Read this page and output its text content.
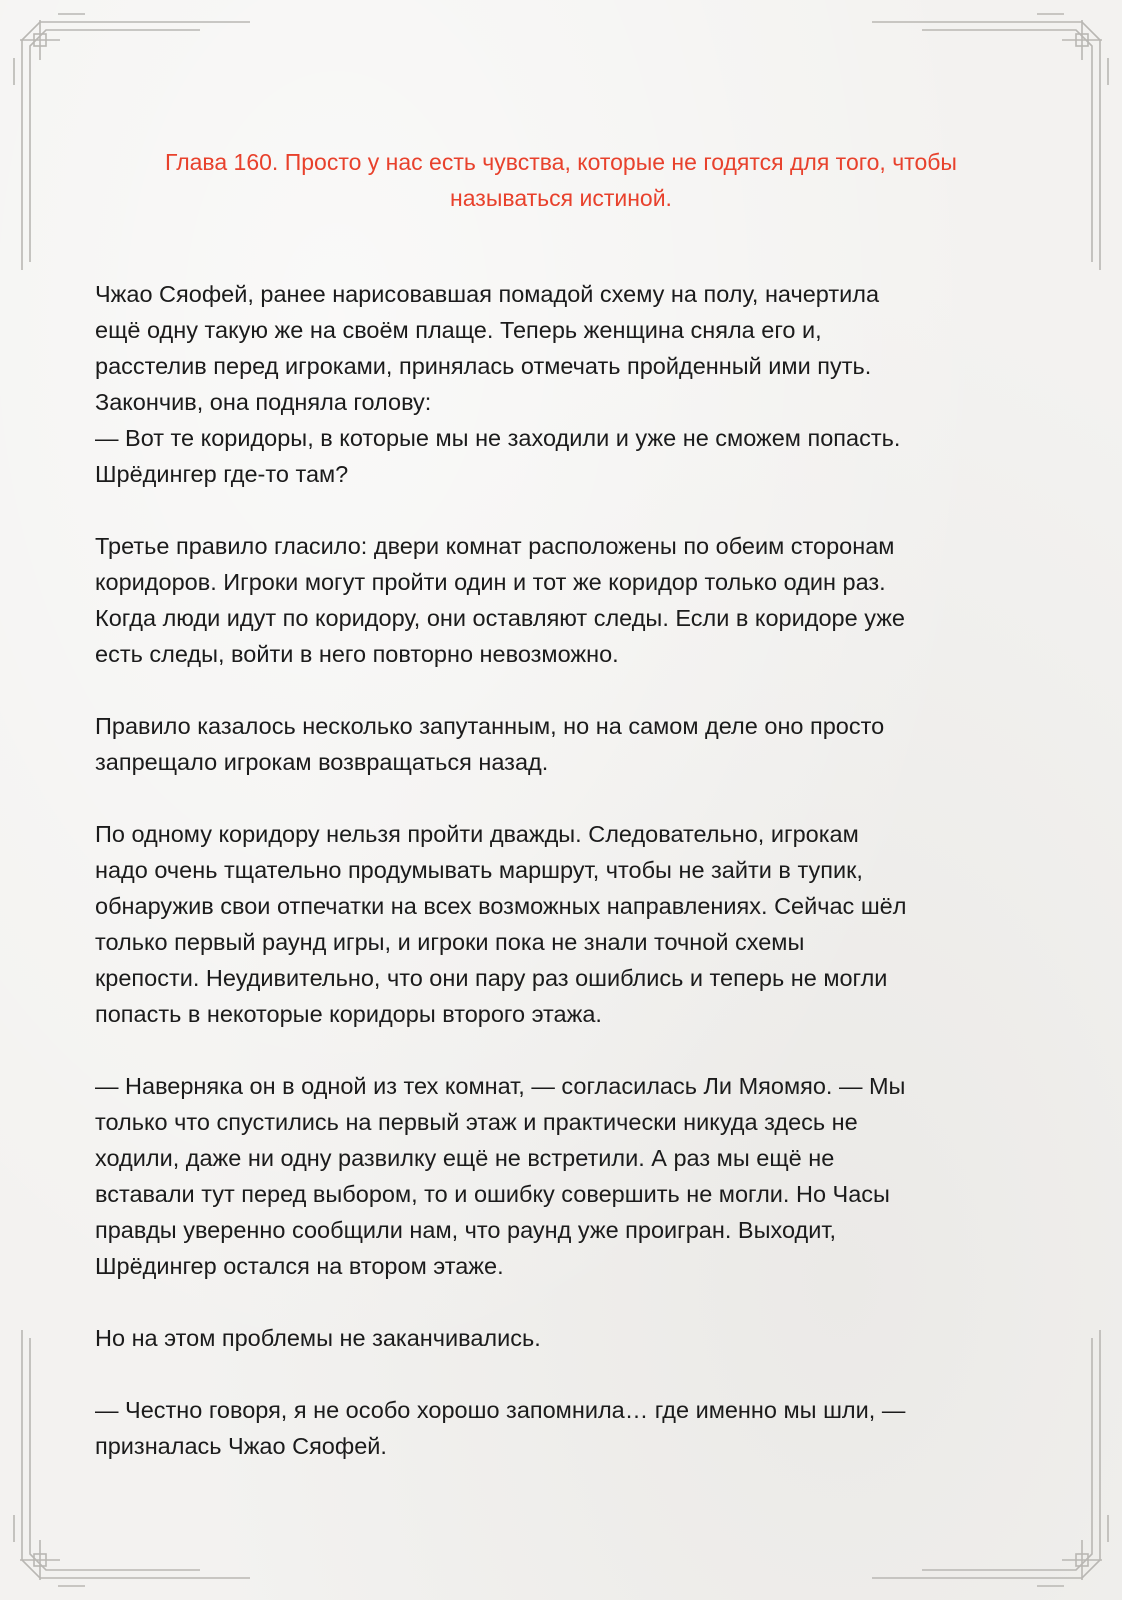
Глава 160. Просто у нас есть чувства, которые не годятся для того, чтобы
называться истиной.

Чжао Сяофей, ранее нарисовавшая помадой схему на полу, начертила
ещё одну такую же на своём плаще. Теперь женщина сняла его и,
расстелив перед игроками, принялась отмечать пройденный ими путь.
Закончив, она подняла голову:
— Вот те коридоры, в которые мы не заходили и уже не сможем попасть.
Шрёдингер где-то там?

Третье правило гласило: двери комнат расположены по обеим сторонам
коридоров. Игроки могут пройти один и тот же коридор только один раз.
Когда люди идут по коридору, они оставляют следы. Если в коридоре уже
есть следы, войти в него повторно невозможно.

Правило казалось несколько запутанным, но на самом деле оно просто
запрещало игрокам возвращаться назад.

По одному коридору нельзя пройти дважды. Следовательно, игрокам
надо очень тщательно продумывать маршрут, чтобы не зайти в тупик,
обнаружив свои отпечатки на всех возможных направлениях. Сейчас шёл
только первый раунд игры, и игроки пока не знали точной схемы
крепости. Неудивительно, что они пару раз ошиблись и теперь не могли
попасть в некоторые коридоры второго этажа.

— Наверняка он в одной из тех комнат, — согласилась Ли Мяомяо. — Мы
только что спустились на первый этаж и практически никуда здесь не
ходили, даже ни одну развилку ещё не встретили. А раз мы ещё не
вставали тут перед выбором, то и ошибку совершить не могли. Но Часы
правды уверенно сообщили нам, что раунд уже проигран. Выходит,
Шрёдингер остался на втором этаже.

Но на этом проблемы не заканчивались.

— Честно говоря, я не особо хорошо запомнила… где именно мы шли, —
призналась Чжао Сяофей.
